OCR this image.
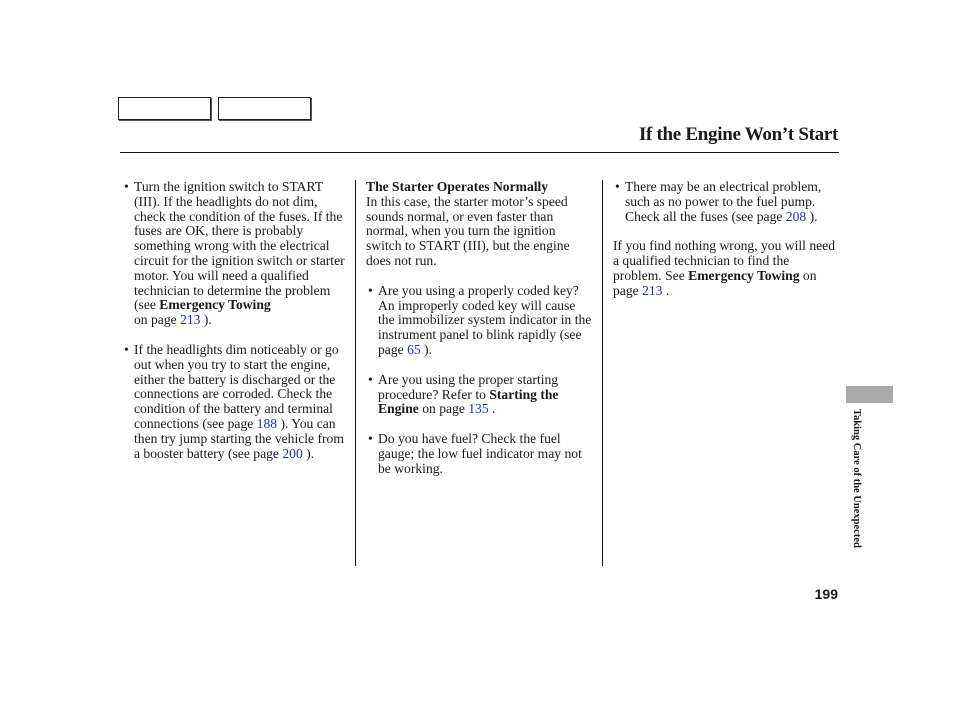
If the Engine Won’t Start
• Turn the ignition switch to START (III). If the headlights do not dim, check the condition of the fuses. If the fuses are OK, there is probably something wrong with the electrical circuit for the ignition switch or starter motor. You will need a qualified technician to determine the problem (see Emergency Towing
on page 213 ).
• If the headlights dim noticeably or go out when you try to start the engine, either the battery is discharged or the connections are corroded. Check the condition of the battery and terminal connections (see page 188 ). You can then try jump starting the vehicle from a booster battery (see page 200 ).
The Starter Operates Normally
In this case, the starter motor’s speed sounds normal, or even faster than normal, when you turn the ignition switch to START (III), but the engine does not run.
• Are you using a properly coded key? An improperly coded key will cause the immobilizer system indicator in the instrument panel to blink rapidly (see page 65 ).
• Are you using the proper starting procedure? Refer to Starting the Engine on page 135 .
• Do you have fuel? Check the fuel gauge; the low fuel indicator may not be working.
• There may be an electrical problem, such as no power to the fuel pump. Check all the fuses (see page 208 ).
If you find nothing wrong, you will need a qualified technician to find the problem. See Emergency Towing on page 213 .
Taking Care of the Unexpected
199
